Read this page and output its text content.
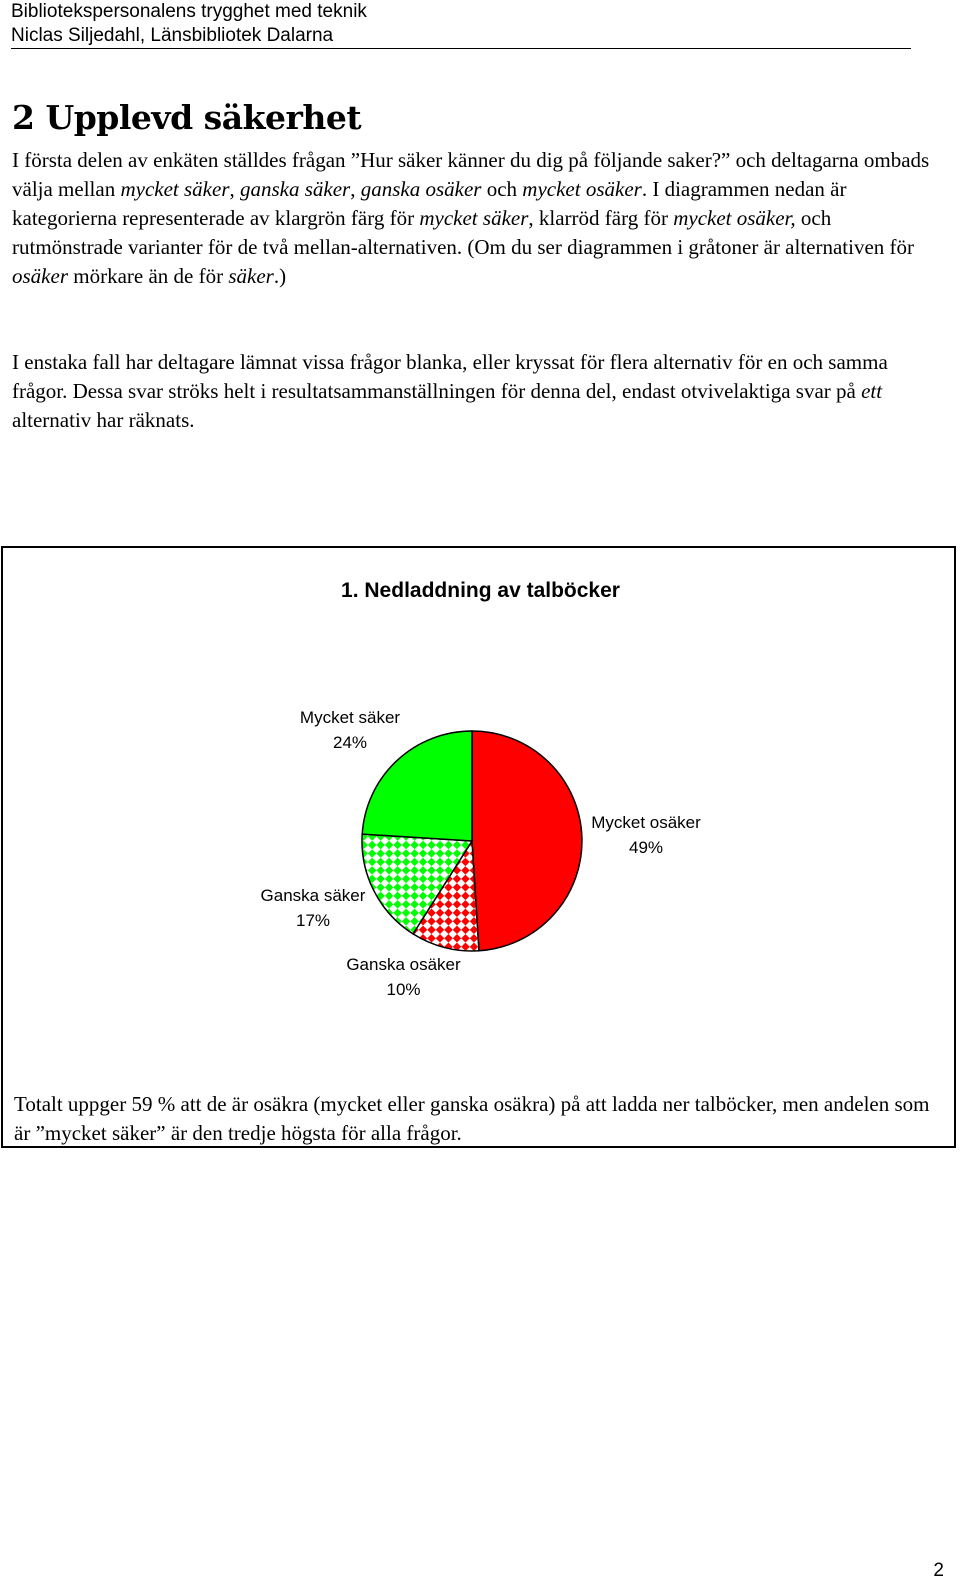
Bibliotekspersonalens trygghet med teknik
Niclas Siljedahl, Länsbibliotek Dalarna
2 Upplevd säkerhet

I första delen av enkäten ställdes frågan ”Hur säker känner du dig på följande saker?” och deltagarna ombads välja mellan mycket säker, ganska säker, ganska osäker och mycket osäker. I diagrammen nedan är kategorierna representerade av klargrön färg för mycket säker, klarröd färg för mycket osäker, och rutmönstrade varianter för de två mellan-alternativen. (Om du ser diagrammen i gråtoner är alternativen för osäker mörkare än de för säker.)

I enstaka fall har deltagare lämnat vissa frågor blanka, eller kryssat för flera alternativ för en och samma frågor. Dessa svar ströks helt i resultatsammanställningen för denna del, endast otvivelaktiga svar på ett alternativ har räknats.

1. Nedladdning av talböcker
Mycket säker
24%
Mycket osäker
49%
Ganska säker
17%
Ganska osäker
10%

Totalt uppger 59 % att de är osäkra (mycket eller ganska osäkra) på att ladda ner talböcker, men andelen som är ”mycket säker” är den tredje högsta för alla frågor.

2
